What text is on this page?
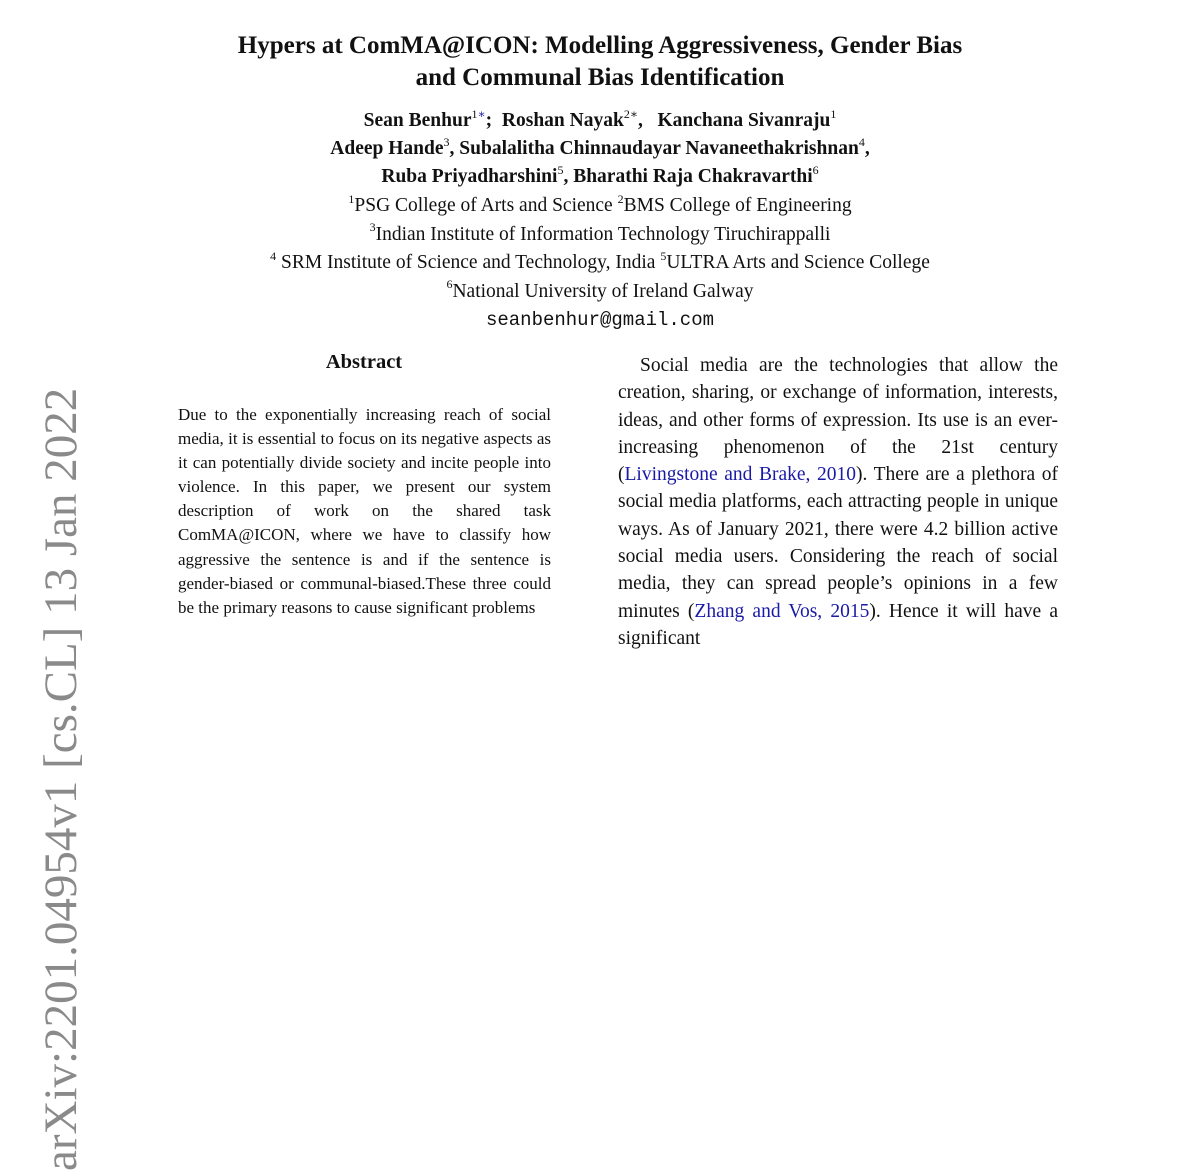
Hypers at ComMA@ICON: Modelling Aggressiveness, Gender Bias
and Communal Bias Identification
Sean Benhur$^{1∗}$;  Roshan Nayak$^{2∗}$,   Kanchana Sivanraju$^1$
Adeep Hande$^3$, Subalalitha Chinnaudayar Navaneethakrishnan$^4$,
Ruba Priyadharshini$^5$, Bharathi Raja Chakravarthi$^6$
$^1$PSG College of Arts and Science $^2$BMS College of Engineering
$^3$Indian Institute of Information Technology Tiruchirappalli
$^4$ SRM Institute of Science and Technology, India $^5$ULTRA Arts and Science College
$^6$National University of Ireland Galway
seanbenhur@gmail.com
Abstract
Due to the exponentially increasing reach of social media, it is essential to focus on its negative aspects as it can potentially divide society and incite people into violence. In this paper, we present our system description of work on the shared task ComMA@ICON, where we have to classify how aggressive the sentence is and if the sentence is gender-biased or communal-biased.These three could be the primary reasons to cause significant problems
Social media are the technologies that allow the creation, sharing, or exchange of information, interests, ideas, and other forms of expression. Its use is an ever-increasing phenomenon of the 21st century (Livingstone and Brake, 2010). There are a plethora of social media platforms, each attracting people in unique ways. As of January 2021, there were 4.2 billion active social media users. Considering the reach of social media, they can spread people’s opinions in a few minutes (Zhang and Vos, 2015). Hence it will have a significant
arXiv:2201.04954v1 [cs.CL] 13 Jan 2022
